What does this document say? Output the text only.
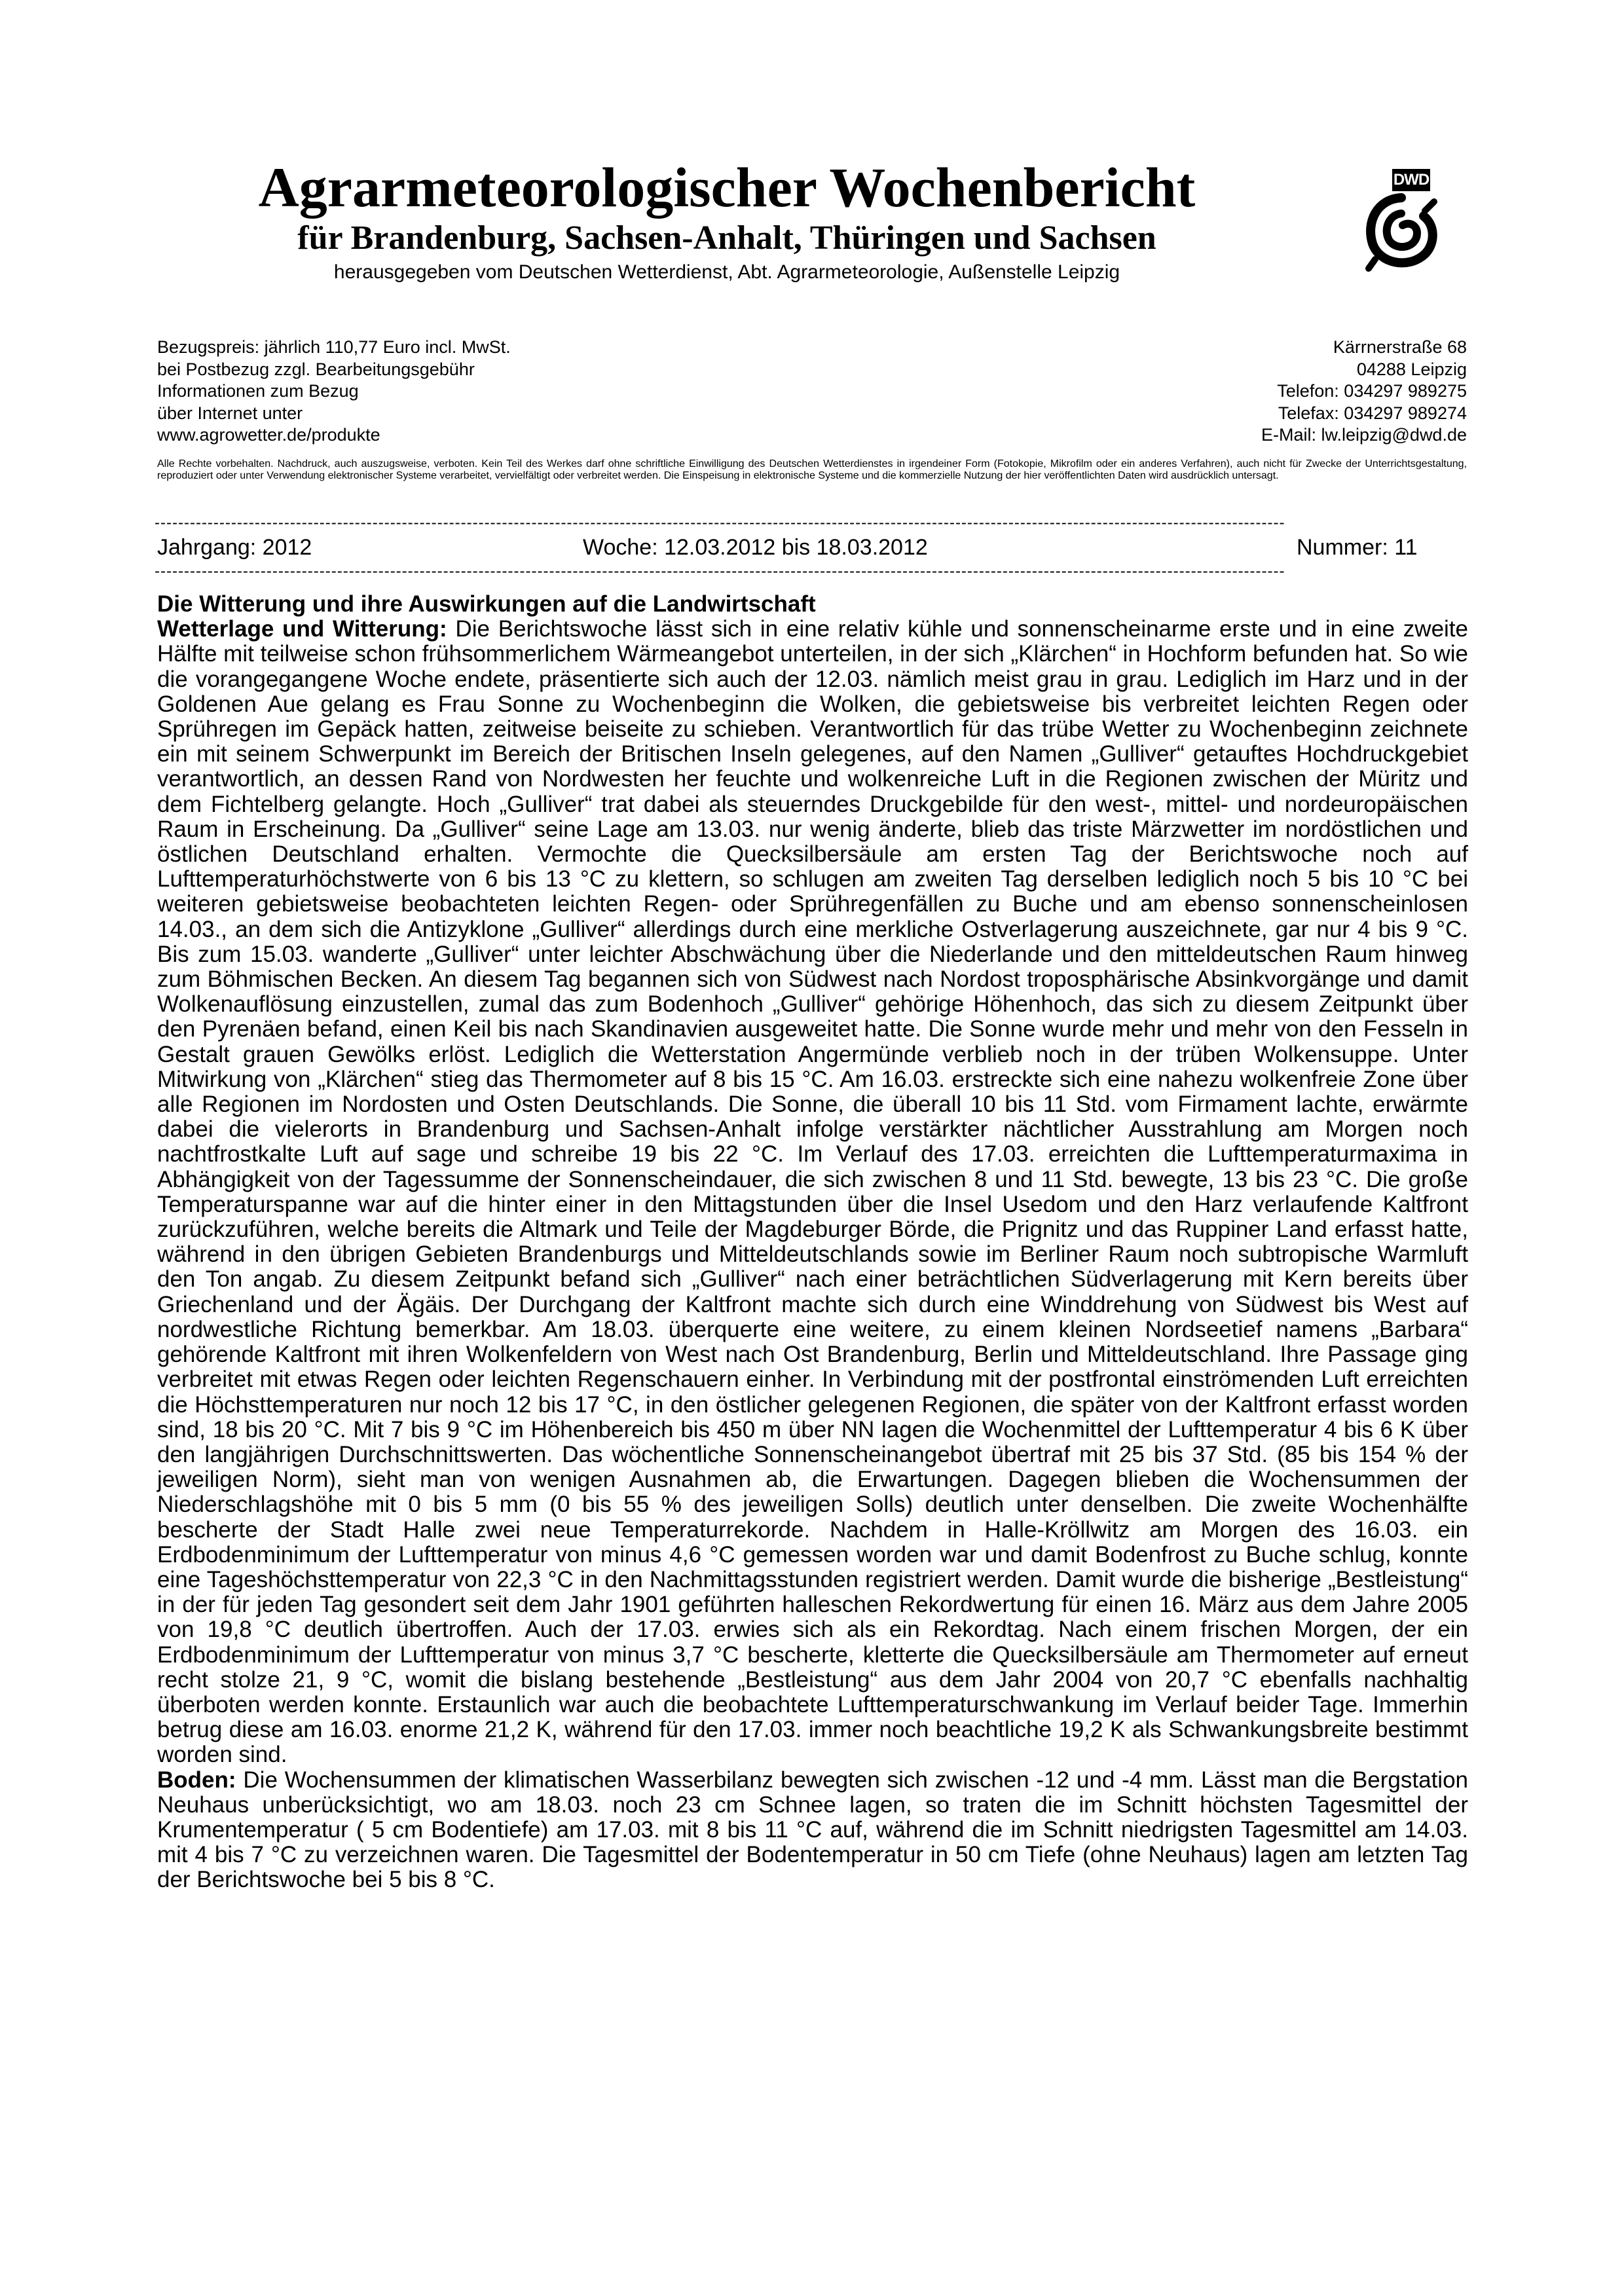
Agrarmeteorologischer Wochenbericht
für Brandenburg, Sachsen-Anhalt, Thüringen und Sachsen
herausgegeben vom Deutschen Wetterdienst, Abt. Agrarmeteorologie, Außenstelle Leipzig
DWD
Bezugspreis: jährlich 110,77 Euro incl. MwSt.
bei Postbezug zzgl. Bearbeitungsgebühr
Informationen zum Bezug
über Internet unter
www.agrowetter.de/produkte
Kärrnerstraße 68
04288 Leipzig
Telefon: 034297 989275
Telefax: 034297 989274
E-Mail: lw.leipzig@dwd.de
Alle Rechte vorbehalten. Nachdruck, auch auszugsweise, verboten. Kein Teil des Werkes darf ohne schriftliche Einwilligung des Deutschen Wetterdienstes in irgendeiner Form (Fotokopie, Mikrofilm oder ein anderes Verfahren), auch nicht für Zwecke der Unterrichtsgestaltung, reproduziert oder unter Verwendung elektronischer Systeme verarbeitet, vervielfältigt oder verbreitet werden. Die Einspeisung in elektronische Systeme und die kommerzielle Nutzung der hier veröffentlichten Daten wird ausdrücklich untersagt.
------------------------------------------------------------------------------------------------------------------------------------------------------------------------------------------------
Jahrgang: 2012	Woche: 12.03.2012 bis 18.03.2012	Nummer: 11
------------------------------------------------------------------------------------------------------------------------------------------------------------------------------------------------
Die Witterung und ihre Auswirkungen auf die Landwirtschaft

Wetterlage und Witterung: Die Berichtswoche lässt sich in eine relativ kühle und sonnenscheinarme erste und in eine zweite Hälfte mit teilweise schon frühsommerlichem Wärmeangebot unterteilen, in der sich „Klärchen“ in Hochform befunden hat. So wie die vorangegangene Woche endete, präsentierte sich auch der 12.03. nämlich meist grau in grau. Lediglich im Harz und in der Goldenen Aue gelang es Frau Sonne zu Wochenbeginn die Wolken, die gebietsweise bis verbreitet leichten Regen oder Sprühregen im Gepäck hatten, zeitweise beiseite zu schieben. Verantwortlich für das trübe Wetter zu Wochenbeginn zeichnete ein mit seinem Schwerpunkt im Bereich der Britischen Inseln gelegenes, auf den Namen „Gulliver“ getauftes Hochdruckgebiet verantwortlich, an dessen Rand von Nordwesten her feuchte und wolkenreiche Luft in die Regionen zwischen der Müritz und dem Fichtelberg gelangte. Hoch „Gulliver“ trat dabei als steuerndes Druckgebilde für den west-, mittel- und nordeuropäischen Raum in Erscheinung. Da „Gulliver“ seine Lage am 13.03. nur wenig änderte, blieb das triste Märzwetter im nordöstlichen und östlichen Deutschland erhalten. Vermochte die Quecksilbersäule am ersten Tag der Berichtswoche noch auf Lufttemperaturhöchstwerte von 6 bis 13 °C zu klettern, so schlugen am zweiten Tag derselben lediglich noch 5 bis 10 °C bei weiteren gebietsweise beobachteten leichten Regen- oder Sprühregenfällen zu Buche und am ebenso sonnenscheinlosen 14.03., an dem sich die Antizyklone „Gulliver“ allerdings durch eine merkliche Ostverlagerung auszeichnete, gar nur 4 bis 9 °C. Bis zum 15.03. wanderte „Gulliver“ unter leichter Abschwächung über die Niederlande und den mitteldeutschen Raum hinweg zum Böhmischen Becken. An diesem Tag begannen sich von Südwest nach Nordost troposphärische Absinkvorgänge und damit Wolkenauflösung einzustellen, zumal das zum Bodenhoch „Gulliver“ gehörige Höhenhoch, das sich zu diesem Zeitpunkt über den Pyrenäen befand, einen Keil bis nach Skandinavien ausgeweitet hatte. Die Sonne wurde mehr und mehr von den Fesseln in Gestalt grauen Gewölks erlöst. Lediglich die Wetterstation Angermünde verblieb noch in der trüben Wolkensuppe. Unter Mitwirkung von „Klärchen“ stieg das Thermometer auf 8 bis 15 °C. Am 16.03. erstreckte sich eine nahezu wolkenfreie Zone über alle Regionen im Nordosten und Osten Deutschlands. Die Sonne, die überall 10 bis 11 Std. vom Firmament lachte, erwärmte dabei die vielerorts in Brandenburg und Sachsen-Anhalt infolge verstärkter nächtlicher Ausstrahlung am Morgen noch nachtfrostkalte Luft auf sage und schreibe 19 bis 22 °C. Im Verlauf des 17.03. erreichten die Lufttemperaturmaxima in Abhängigkeit von der Tagessumme der Sonnenscheindauer, die sich zwischen 8 und 11 Std. bewegte, 13 bis 23 °C. Die große Temperaturspanne war auf die hinter einer in den Mittagstunden über die Insel Usedom und den Harz verlaufende Kaltfront zurückzuführen, welche bereits die Altmark und Teile der Magdeburger Börde, die Prignitz und das Ruppiner Land erfasst hatte, während in den übrigen Gebieten Brandenburgs und Mitteldeutschlands sowie im Berliner Raum noch subtropische Warmluft den Ton angab. Zu diesem Zeitpunkt befand sich „Gulliver“ nach einer beträchtlichen Südverlagerung mit Kern bereits über Griechenland und der Ägäis. Der Durchgang der Kaltfront machte sich durch eine Winddrehung von Südwest bis West auf nordwestliche Richtung bemerkbar. Am 18.03. überquerte eine weitere, zu einem kleinen Nordseetief namens „Barbara“ gehörende Kaltfront mit ihren Wolkenfeldern von West nach Ost Brandenburg, Berlin und Mitteldeutschland. Ihre Passage ging verbreitet mit etwas Regen oder leichten Regenschauern einher. In Verbindung mit der postfrontal einströmenden Luft erreichten die Höchsttemperaturen nur noch 12 bis 17 °C, in den östlicher gelegenen Regionen, die später von der Kaltfront erfasst worden sind, 18 bis 20 °C. Mit 7 bis 9 °C im Höhenbereich bis 450 m über NN lagen die Wochenmittel der Lufttemperatur 4 bis 6 K über den langjährigen Durchschnittswerten. Das wöchentliche Sonnenscheinangebot übertraf mit 25 bis 37 Std. (85 bis 154 % der jeweiligen Norm), sieht man von wenigen Ausnahmen ab, die Erwartungen. Dagegen blieben die Wochensummen der Niederschlagshöhe mit 0 bis 5 mm (0 bis 55 % des jeweiligen Solls) deutlich unter denselben. Die zweite Wochenhälfte bescherte der Stadt Halle zwei neue Temperaturrekorde. Nachdem in Halle-Kröllwitz am Morgen des 16.03. ein Erdbodenminimum der Lufttemperatur von minus 4,6 °C gemessen worden war und damit Bodenfrost zu Buche schlug, konnte eine Tageshöchsttemperatur von 22,3 °C in den Nachmittagsstunden registriert werden. Damit wurde die bisherige „Bestleistung“ in der für jeden Tag gesondert seit dem Jahr 1901 geführten halleschen Rekordwertung für einen 16. März aus dem Jahre 2005 von 19,8 °C deutlich übertroffen. Auch der 17.03. erwies sich als ein Rekordtag. Nach einem frischen Morgen, der ein Erdbodenminimum der Lufttemperatur von minus 3,7 °C bescherte, kletterte die Quecksilbersäule am Thermometer auf erneut recht stolze 21, 9 °C, womit die bislang bestehende „Bestleistung“ aus dem Jahr 2004 von 20,7 °C ebenfalls nachhaltig überboten werden konnte. Erstaunlich war auch die beobachtete Lufttemperaturschwankung im Verlauf beider Tage. Immerhin betrug diese am 16.03. enorme 21,2 K, während für den 17.03. immer noch beachtliche 19,2 K als Schwankungsbreite bestimmt worden sind.

Boden: Die Wochensummen der klimatischen Wasserbilanz bewegten sich zwischen -12 und -4 mm. Lässt man die Bergstation Neuhaus unberücksichtigt, wo am 18.03. noch 23 cm Schnee lagen, so traten die im Schnitt höchsten Tagesmittel der Krumentemperatur ( 5 cm Bodentiefe) am 17.03. mit 8 bis 11 °C auf, während die im Schnitt niedrigsten Tagesmittel am 14.03. mit 4 bis 7 °C zu verzeichnen waren. Die Tagesmittel der Bodentemperatur in 50 cm Tiefe (ohne Neuhaus) lagen am letzten Tag der Berichtswoche bei 5 bis 8 °C.
